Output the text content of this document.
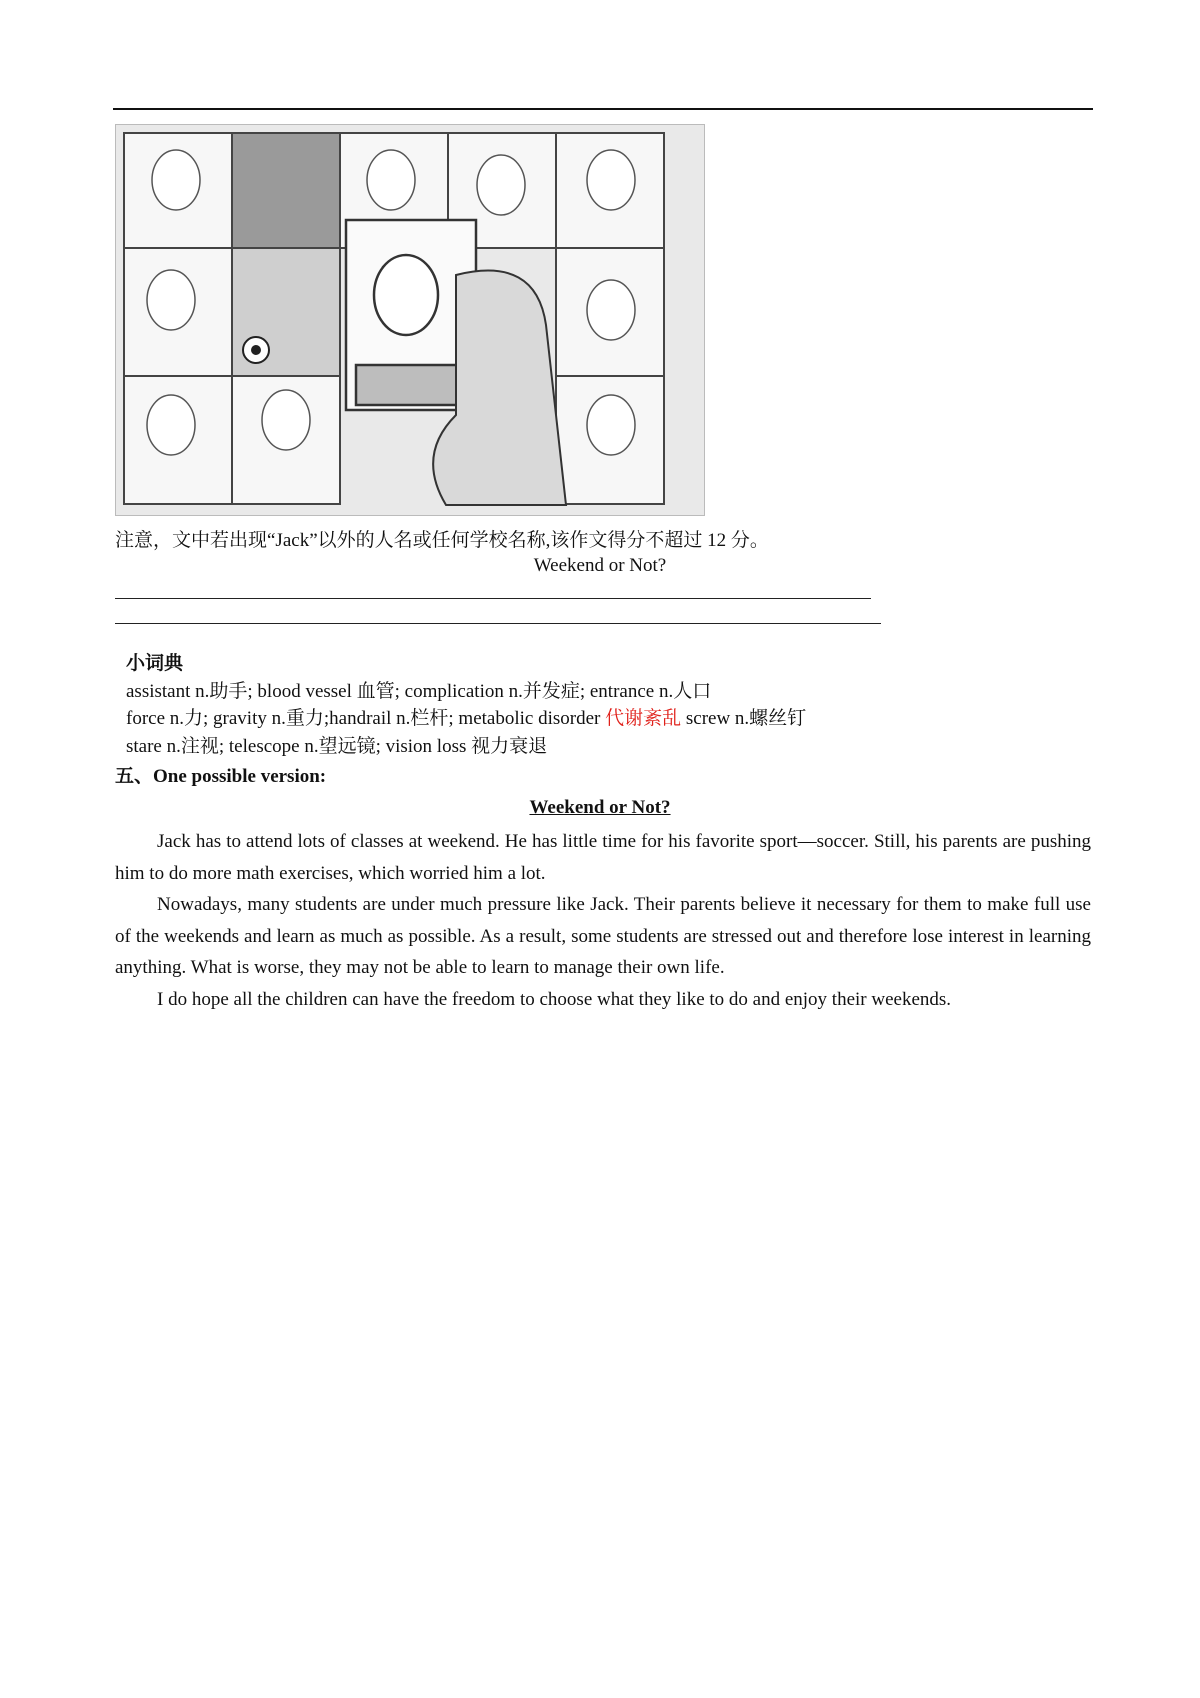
注意，文中若出现“Jack”以外的人名或任何学校名称,该作文得分不超过 12 分。
Weekend or Not?
小词典
assistant n.助手; blood vessel 血管; complication n.并发症; entrance n.人口
force n.力; gravity n.重力;handrail n.栏杆; metabolic disorder 代谢紊乱 screw n.螺丝钉
stare n.注视; telescope n.望远镜; vision loss 视力衰退
五、One possible version:
Weekend or Not?

Jack has to attend lots of classes at weekend. He has little time for his favorite sport—soccer. Still, his parents are pushing him to do more math exercises, which worried him a lot.

Nowadays, many students are under much pressure like Jack. Their parents believe it necessary for them to make full use of the weekends and learn as much as possible. As a result, some students are stressed out and therefore lose interest in learning anything. What is worse, they may not be able to learn to manage their own life.

I do hope all the children can have the freedom to choose what they like to do and enjoy their weekends.
